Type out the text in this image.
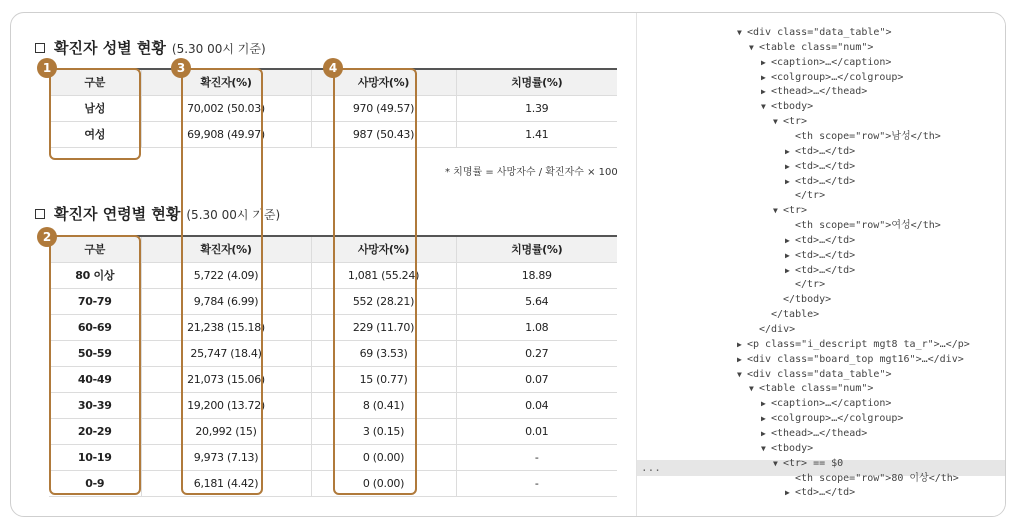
확진자 성별 현황 (5.30 00시 기준)
구분	확진자(%)	사망자(%)	치명률(%)
남성	70,002 (50.03)	970 (49.57)	1.39
여성	69,908 (49.97)	987 (50.43)	1.41
* 치명률 = 사망자수 / 확진자수 × 100
확진자 연령별 현황 (5.30 00시 기준)
구분	확진자(%)	사망자(%)	치명률(%)
80 이상	5,722 (4.09)	1,081 (55.24)	18.89
70-79	9,784 (6.99)	552 (28.21)	5.64
60-69	21,238 (15.18)	229 (11.70)	1.08
50-59	25,747 (18.4)	69 (3.53)	0.27
40-49	21,073 (15.06)	15 (0.77)	0.07
30-39	19,200 (13.72)	8 (0.41)	0.04
20-29	20,992 (15)	3 (0.15)	0.01
10-19	9,973 (7.13)	0 (0.00)	-
0-9	6,181 (4.42)	0 (0.00)	-
1
2
3	4
...
▼ <div class="data_table">
▼ <table class="num">
▶ <caption>…</caption>
▶ <colgroup>…</colgroup>
▶ <thead>…</thead>
▼ <tbody>
▼ <tr>
<th scope="row">남성</th>
▶ <td>…</td>
▶ <td>…</td>
▶ <td>…</td>
</tr>
▼ <tr>
<th scope="row">여성</th>
▶ <td>…</td>
▶ <td>…</td>
▶ <td>…</td>
</tr>
</tbody>
</table>
</div>
▶ <p class="i_descript mgt8 ta_r">…</p>
▶ <div class="board_top mgt16">…</div>
▼ <div class="data_table">
▼ <table class="num">
▶ <caption>…</caption>
▶ <colgroup>…</colgroup>
▶ <thead>…</thead>
▼ <tbody>
▼ <tr> == $0
<th scope="row">80 이상</th>
▶ <td>…</td>
